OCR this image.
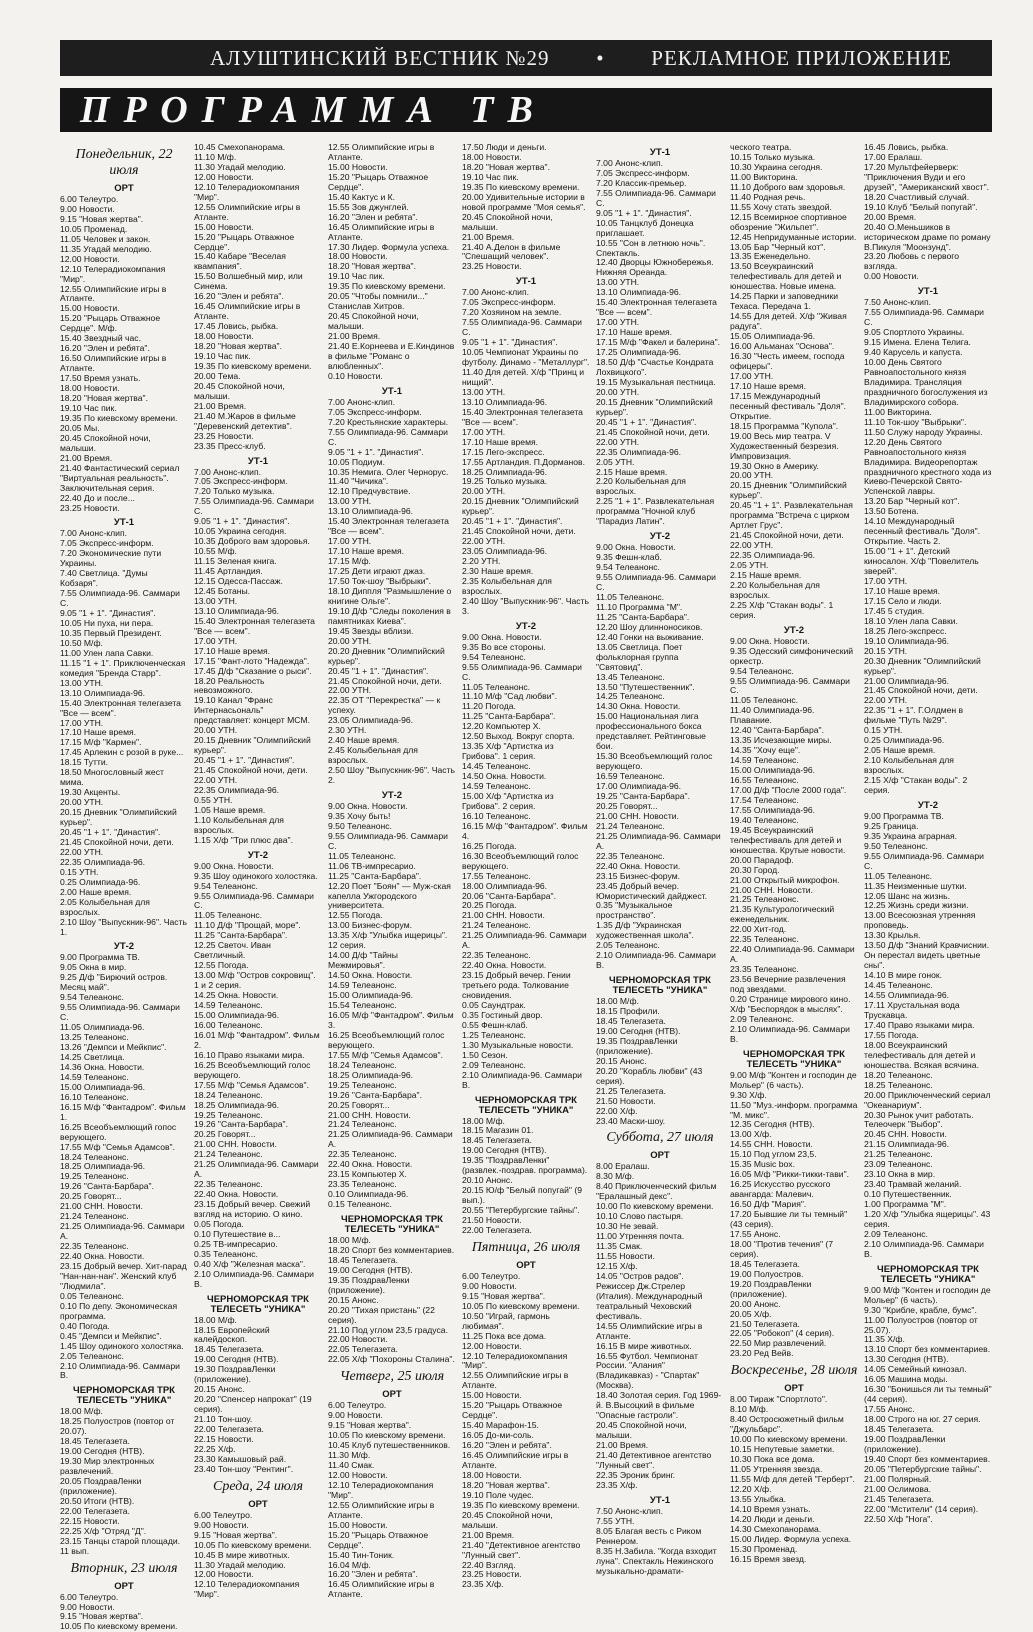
АЛУШТИНСКИЙ ВЕСТНИК №29 • РЕКЛАМНОЕ ПРИЛОЖЕНИЕ
ПРОГРАММА ТВ
Понедельник, 22 июля
ОРТ
6.00 Телеутро.
9.00 Новости.
9.15 "Новая жертва".
10.05 Променад.
11.05 Человек и закон.
11.35 Угадай мелодию.
12.00 Новости.
12.10 Телерадиокомпания "Мир".
12.55 Олимпийские игры в Атланте.
15.00 Новости.
15.20 "Рыцарь Отважное Сердце". М/ф.
15.40 Звездный час.
16.20 "Элен и ребята".
16.50 Олимпийские игры в Атланте.
17.50 Время узнать.
18.00 Новости.
18.20 "Новая жертва".
19.10 Час пик.
19.35 По киевскому времени.
20.05 Мы.
20.45 Спокойной ночи, малыши.
21.00 Время.
21.40 Фантастический сериал "Виртуальная реальность". Заключительная серия.
22.40 До и после...
23.25 Новости.
УТ-1
7.00 Анонс-клип.
7.05 Экспресс-информ.
7.20 Экономические пути Украины.
7.40 Светлица. "Думы Кобзаря".
7.55 Олимпиада-96. Саммари С.
9.05 "1 + 1". "Династия".
10.05 Ни пуха, ни пера.
10.35 Первый Президент.
10.50 М/ф.
11.00 Улен лапа Савки.
11.15 "1 + 1". Приключенческая комедия "Бренда Старр".
13.00 УТН.
13.10 Олимпиада-96.
15.40 Электронная телегазета "Все — всем".
17.00 УТН.
17.10 Наше время.
17.15 М/ф "Кармен".
17.45 Арлекин с розой в руке...
18.15 Тутти.
18.50 Многословный жест мима.
19.30 Акценты.
20.00 УТН.
20.15 Дневник "Олимпийский курьер".
20.45 "1 + 1". "Династия".
21.45 Спокойной ночи, дети.
22.00 УТН.
22.35 Олимпиада-96.
0.15 УТН.
0.25 Олимпиада-96.
2.00 Наше время.
2.05 Колыбельная для взрослых.
2.10 Шоу "Выпускник-96". Часть 1.
УТ-2
9.00 Программа ТВ.
9.05 Окна в мир.
9.25 Д/ф "Бирючий остров. Месяц май".
9.54 Телеанонс.
9.55 Олимпиада-96. Саммари С.
11.05 Олимпиада-96.
13.25 Телеанонс.
13.26 "Демпси и Мейкпис".
14.25 Светлица.
14.36 Окна. Новости.
14.59 Телеанонс.
15.00 Олимпиада-96.
16.10 Телеанонс.
16.15 М/ф "Фантадром". Фильм 1.
16.25 Всеобъемлющий гопос верующего.
17.55 М/ф "Семья Адамсов".
18.24 Телеанонс.
18.25 Олимпиада-96.
19.25 Телеанонс.
19.26 "Санта-Барбара".
20.25 Говорят...
21.00 СНН. Новости.
21.24 Телеанонс.
21.25 Олимпиада-96. Саммари А.
22.35 Телеанонс.
22.40 Окна. Новости.
23.15 Добрый вечер. Хит-парад "Нан-нан-нан". Женский клуб "Людмила".
0.05 Телеанонс.
0.10 По депу. Экономическая программа.
0.40 Погода.
0.45 "Демпси и Мейкпис".
1.45 Шоу одинокого холостяка.
2.05 Телеанонс.
2.10 Олимпиада-96. Саммари В.
ЧЕРНОМОРСКАЯ ТРК ТЕЛЕСЕТЬ "УНИКА"
18.00 М/ф.
18.25 Полуостров (повтор от 20.07).
18.45 Телегазета.
19.00 Сегодня (НТВ).
19.30 Мир электронных развлечений.
20.05 ПоздравЛенки (приложение).
20.50 Итоги (НТВ).
22.00 Телегазета.
22.15 Новости.
22.25 Х/ф "Отряд "Д".
23.15 Танцы старой площади. 11 вып.
Вторник, 23 июля
ОРТ
6.00 Телеутро.
9.00 Новости.
9.15 "Новая жертва".
10.05 По киевскому времени.
10.45 Смехопанорама.
11.10 М/ф.
11.30 Угадай мелодию.
12.00 Новости.
12.10 Телерадиокомпания "Мир".
12.55 Олимпийские игры в Атланте.
15.00 Новости.
15.20 "Рыцарь Отважное Сердце".
15.40 Кабаре "Веселая квампания".
15.50 Волшебный мир, или Синема.
16.20 "Элен и ребята".
16.45 Олимпийские игры в Атланте.
17.45 Ловись, рыбка.
18.00 Новости.
18.20 "Новая жертва".
19.10 Час пик.
19.35 По киевскому времени.
20.00 Тема.
20.45 Спокойной ночи, малыши.
21.00 Время.
21.40 М.Жаров в фильме "Деревенский детектив".
23.25 Новости.
23.35 Пресс-клуб.
УТ-1
7.00 Анонс-клип.
7.05 Экспресс-информ.
7.20 Только музыка.
7.55 Олимпиада-96. Саммари С.
9.05 "1 + 1". "Династия".
10.05 Украина сегодня.
10.35 Доброго вам здоровья.
10.55 М/ф.
11.15 Зеленая книга.
11.45 Артландия.
12.15 Одесса-Пассаж.
12.45 Ботаны.
13.00 УТН.
13.10 Олимпиада-96.
15.40 Электронная телегазета "Все — всем".
17.00 УТН.
17.10 Наше время.
17.15 "Фант-лото "Надежда".
17.45 Д/ф "Сказание о рыси".
18.20 Реальность невозможного.
19.10 Канал "Франс Интернасьональ" представляет: концерт MCM.
20.00 УТН.
20.15 Дневник "Олимпийский курьер".
20.45 "1 + 1". "Династия".
21.45 Спокойной ночи, дети.
22.00 УТН.
22.35 Олимпиада-96.
0.55 УТН.
1.05 Наше время.
1.10 Колыбельная для взрослых.
1.15 Х/ф "Три плюс два".
УТ-2
9.00 Окна. Новости.
9.35 Шоу одинокого холостяка.
9.54 Телеанонс.
9.55 Олимпиада-96. Саммари С.
11.05 Телеанонс.
11.10 Д/ф "Прощай, море".
11.25 "Санта-Барбара".
12.25 Светоч. Иван Светличный.
12.55 Погода.
13.00 М/ф "Остров сокровищ". 1 и 2 серия.
14.25 Окна. Новости.
14.59 Телеанонс.
15.00 Олимпиада-96.
16.00 Телеанонс.
16.01 М/ф "Фантадром". Фильм 2.
16.10 Право языками мира.
16.25 Всеобъемлющий голос верующего.
17.55 М/ф "Семья Адамсов".
18.24 Телеанонс.
18.25 Олимпиада-96.
19.25 Телеанонс.
19.26 "Санта-Барбара".
20.25 Говорят...
21.00 СНН. Новости.
21.24 Телеанонс.
21.25 Олимпиада-96. Саммари А.
22.35 Телеанонс.
22.40 Окна. Новости.
23.15 Добрый вечер. Свежий взгляд на историю. О кино.
0.05 Погода.
0.10 Путешествие в...
0.25 ТВ-импресарио.
0.35 Телеанонс.
0.40 Х/ф "Железная маска".
2.10 Олимпиада-96. Саммари В.
ЧЕРНОМОРСКАЯ ТРК ТЕЛЕСЕТЬ "УНИКА"
18.00 М/ф.
18.15 Европейский калейдоскоп.
18.45 Телегазета.
19.00 Сегодня (НТВ).
19.30 ПоздравЛенки (приложение).
20.15 Анонс.
20.20 "Спенсер напрокат" (19 серия).
21.10 Тон-шоу.
22.00 Телегазета.
22.15 Новости.
22.25 Х/ф.
23.30 Камышовый рай.
23.40 Тон-шоу "Рентинг".
Среда, 24 июля
ОРТ
6.00 Телеутро.
9.00 Новости.
9.15 "Новая жертва".
10.05 По киевскому времени.
10.45 В мире животных.
11.30 Угадай мелодию.
12.00 Новости.
12.10 Телерадиокомпания "Мир".
12.55 Олимпийские игры в Атланте.
15.00 Новости.
15.20 "Рыцарь Отважное Сердце".
15.40 Кактус и К.
15.55 Зов джунглей.
16.20 "Элен и ребята".
16.45 Олимпийские игры в Атланте.
17.30 Лидер. Формула успеха.
18.00 Новости.
18.20 "Новая жертва".
19.10 Час пик.
19.35 По киевскому времени.
20.05 "Чтобы помнили..." Станислав Хитров.
20.45 Спокойной ночи, малыши.
21.00 Время.
21.40 Е.Корнеева и Е.Киндинов в фильме "Романс о влюбленных".
0.10 Новости.
УТ-1
7.00 Анонс-клип.
7.05 Экспресс-информ.
7.20 Крестьянские характеры.
7.55 Олимпиада-96. Саммари С.
9.05 "1 + 1". "Династия".
10.05 Подиум.
10.35 Немига. Олег Чернорус.
11.40 "Чичика".
12.10 Предчувствие.
13.00 УТН.
13.10 Олимпиада-96.
15.40 Электронная телегазета "Все — всем".
17.00 УТН.
17.10 Наше время.
17.15 М/ф.
17.25 Дети играют джаз.
17.50 Ток-шоу "Выбрыки".
18.10 Диппля "Размышление о книгине Ольге".
19.10 Д/ф "Следы поколения в памятниках Киева".
19.45 Звезды вблизи.
20.00 УТН.
20.20 Дневник "Олимпийский курьер".
20.45 "1 + 1". "Династия".
21.45 Спокойной ночи, дети.
22.00 УТН.
22.35 ОТ "Перекрестка" — к успеху.
23.05 Олимпиада-96.
2.30 УТН.
2.40 Наше время.
2.45 Колыбельная для взрослых.
2.50 Шоу "Выпускник-96". Часть 2.
УТ-2
9.00 Окна. Новости.
9.35 Хочу быть!
9.50 Телеанонс.
9.55 Олимпиада-96. Саммари С.
11.05 Телеанонс.
11.06 ТВ-импресарио.
11.25 "Санта-Барбара".
12.20 Поет "Боян" — Муж-ская капелла Ужгородского университета.
12.55 Погода.
13.00 Бизнес-форум.
13.35 Х/ф "Улыбка ищерицы". 12 серия.
14.00 Д/ф "Тайны Межмировья".
14.50 Окна. Новости.
14.59 Телеанонс.
15.00 Олимпиада-96.
15.54 Телеанонс.
16.05 М/ф "Фантадром". Фильм 3.
16.25 Всеобъемлющий голос верующего.
17.55 М/ф "Семья Адамсов".
18.24 Телеанонс.
18.25 Олимпиада-96.
19.25 Телеанонс.
19.26 "Санта-Барбара".
20.25 Говорят...
21.00 СНН. Новости.
21.24 Телеанонс.
21.25 Олимпиада-96. Саммари А.
22.35 Телеанонс.
22.40 Окна. Новости.
23.15 Компьютер Х.
23.35 Телеанонс.
0.10 Олимпиада-96.
0.15 Телеанонс.
ЧЕРНОМОРСКАЯ ТРК ТЕЛЕСЕТЬ "УНИКА"
18.00 М/ф.
18.20 Спорт без комментариев.
18.45 Телегазета.
19.00 Сегодня (НТВ).
19.35 ПоздравЛенки (приложение).
20.15 Анонс.
20.20 "Тихая пристань" (22 серия).
21.10 Под углом 23,5 градуса.
22.00 Новости.
22.05 Телегазета.
22.05 Х/ф "Похороны Сталина".
Четверг, 25 июля
ОРТ
6.00 Телеутро.
9.00 Новости.
9.15 "Новая жертва".
10.05 По киевскому времени.
10.45 Клуб путешественников.
11.30 М/ф.
11.40 Смак.
12.00 Новости.
12.10 Телерадиокомпания "Мир".
12.55 Олимпийские игры в Атланте.
15.00 Новости.
15.20 "Рыцарь Отважное Сердце".
15.40 Тин-Тоник.
16.04 М/ф.
16.20 "Элен и ребята".
16.45 Олимпийские игры в Атланте.
17.50 Люди и деньги.
18.00 Новости.
18.20 "Новая жертва".
19.10 Час пик.
19.35 По киевскому времени.
20.00 Удивительные истории в новой программе "Моя семья".
20.45 Спокойной ночи, малыши.
21.00 Время.
21.40 А.Делон в фильме "Спешащий человек".
23.25 Новости.
УТ-1
7.00 Анонс-клип.
7.05 Экспресс-информ.
7.20 Хозяином на земле.
7.55 Олимпиада-96. Саммари С.
9.05 "1 + 1". "Династия".
10.05 Чемпионат Украины по футболу. Динамо - "Металлург".
11.40 Для детей. Х/ф "Принц и нищий".
13.00 УТН.
13.10 Олимпиада-96.
15.40 Электронная телегазета "Все — всем".
17.00 УТН.
17.10 Наше время.
17.15 Лего-экспресс.
17.55 Артландия. П.Дорманов.
18.25 Олимпиада-96.
19.25 Только музыка.
20.00 УТН.
20.15 Дневник "Олимпийский курьер".
20.45 "1 + 1". "Династия".
21.45 Спокойной ночи, дети.
22.00 УТН.
23.05 Олимпиада-96.
2.20 УТН.
2.30 Наше время.
2.35 Колыбельная для взрослых.
2.40 Шоу "Выпускник-96". Часть 3.
УТ-2
9.00 Окна. Новости.
9.35 Во все стороны.
9.54 Телеанонс.
9.55 Олимпиада-96. Саммари С.
11.05 Телеанонс.
11.10 М/ф "Сад любви".
11.20 Погода.
11.25 "Санта-Барбара".
12.20 Компьютер Х.
12.50 Выход. Вокруг спорта.
13.35 Х/ф "Артистка из Грибова". 1 серия.
14.45 Телеанонс.
14.50 Окна. Новости.
14.59 Телеанонс.
15.00 Х/ф "Артистка из Грибова". 2 серия.
16.10 Телеанонс.
16.15 М/ф "Фантадром". Фильм 4.
16.25 Погода.
16.30 Всеобъемлющий голос верующего.
17.55 Телеанонс.
18.00 Олимпиада-96.
20.06 "Санта-Барбара".
20.25 Погода.
21.00 СНН. Новости.
21.24 Телеанонс.
21.25 Олимпиада-96. Саммари А.
22.35 Телеанонс.
22.40 Окна. Новости.
23.15 Добрый вечер. Гении третьего рода. Толкование сновидения.
0.05 Саундтрак.
0.35 Гостиный двор.
0.55 Фешн-клаб.
1.25 Телеанонс.
1.30 Музыкальные новости.
1.50 Сезон.
2.09 Телеанонс.
2.10 Олимпиада-96. Саммари В.
ЧЕРНОМОРСКАЯ ТРК ТЕЛЕСЕТЬ "УНИКА"
18.00 М/ф.
18.15 Магазин 01.
18.45 Телегазета.
19.00 Сегодня (НТВ).
19.35 "ПоздравЛенки" (развлек.-поздрав. программа).
20.10 Анонс.
20.15 Ю/ф "Белый попугай" (9 вып.).
20.55 "Петербургские тайны".
21.50 Новости.
22.00 Телегазета.
Пятница, 26 июля
ОРТ
6.00 Телеутро.
9.00 Новости.
9.15 "Новая жертва".
10.05 По киевскому времени.
10.50 "Играй, гармонь любимая".
11.25 Пока все дома.
12.00 Новости.
12.10 Телерадиокомпания "Мир".
12.55 Олимпийские игры в Атланте.
15.00 Новости.
15.20 "Рыцарь Отважное Сердце".
15.40 Марафон-15.
16.05 До-ми-соль.
16.20 "Элен и ребята".
16.45 Олимпийские игры в Атланте.
18.00 Новости.
18.20 "Новая жертва".
19.10 Поле чудес.
19.35 По киевскому времени.
20.45 Спокойной ночи, малыши.
21.00 Время.
21.40 "Детективное агентство "Лунный свет".
22.40 Взгляд.
23.25 Новости.
23.35 Х/ф.
УТ-1
7.00 Анонс-клип.
7.05 Экспресс-информ.
7.20 Классик-премьер.
7.55 Олимпиада-96. Саммари С.
9.05 "1 + 1". "Династия".
10.05 Танцклуб Донецка приглашает.
10.55 "Сон в летнюю ночь". Спектакль.
12.40 Дворцы Южнобережья. Нижняя Ореанда.
13.00 УТН.
13.10 Олимпиада-96.
15.40 Электронная телегазета "Все — всем".
17.00 УТН.
17.10 Наше время.
17.15 М/ф "Факел и балерина".
17.25 Олимпиада-96.
18.50 Д/ф "Счастье Кондрата Лохвицкого".
19.15 Музыкальная пестница.
20.00 УТН.
20.15 Дневник "Олимпийский курьер".
20.45 "1 + 1". "Династия".
21.45 Спокойной ночи, дети.
22.00 УТН.
22.35 Олимпиада-96.
2.05 УТН.
2.15 Наше время.
2.20 Колыбельная для взрослых.
2.25 "1 + 1". Развлекательная программа "Ночной клуб "Парадиз Латин".
УТ-2
9.00 Окна. Новости.
9.35 Фешн-клаб.
9.54 Телеанонс.
9.55 Олимпиада-96. Саммари С.
11.05 Телеанонс.
11.10 Программа "М".
11.25 "Санта-Барбара".
12.20 Шоу длинноносиков.
12.40 Гонки на выживание.
13.05 Светлица. Поет фольклорная группа "Святовид".
13.45 Телеанонс.
13.50 "Путешественник".
14.25 Телеанонс.
14.30 Окна. Новости.
15.00 Национальная лига профессионального бокса представляет. Рейтинговые бои.
15.30 Всеобъемлющий голос верующего.
16.59 Телеанонс.
17.00 Олимпиада-96.
19.25 "Санта-Барбара".
20.25 Говорят...
21.00 СНН. Новости.
21.24 Телеанонс.
21.25 Олимпиада-96. Саммари А.
22.35 Телеанонс.
22.40 Окна. Новости.
23.15 Бизнес-форум.
23.45 Добрый вечер. Юмористический дайджест.
0.35 "Музыкальное пространство".
1.35 Д/ф "Украинская художественная школа".
2.05 Телеанонс.
2.10 Олимпиада-96. Саммари В.
ЧЕРНОМОРСКАЯ ТРК ТЕЛЕСЕТЬ "УНИКА"
18.00 М/ф.
18.15 Профили.
18.45 Телегазета.
19.00 Сегодня (НТВ).
19.35 ПоздравЛенки (приложение).
20.15 Анонс.
20.20 "Корабль любви" (43 серия).
21.25 Телегазета.
21.50 Новости.
22.00 Х/ф.
23.40 Маски-шоу.
Суббота, 27 июля
ОРТ
8.00 Ералаш.
8.30 М/ф.
8.40 Приключенческий фильм "Ералашный декс".
10.00 По киевскому времени.
10.10 Слово пастыря.
10.30 Не зевай.
11.00 Утренняя почта.
11.35 Смак.
11.55 Новости.
12.15 Х/ф.
14.05 "Остров радов". Режиссер Дж.Стрелер (Италия). Международный театральный Чеховский фестиваль.
14.55 Олимпийские игры в Атланте.
16.15 В мире животных.
16.55 Футбол. Чемпионат России. "Алания" (Владикавказ) - "Спартак" (Москва).
18.40 Золотая серия. Год 1969-й. В.Высоцкий в фильме "Опасные гастроли".
20.45 Спокойной ночи, малыши.
21.00 Время.
21.40 Детективное агентство "Лунный свет".
22.35 Эроник бринг.
23.35 Х/ф.
УТ-1
7.50 Анонс-клип.
7.55 УТН.
8.05 Благая весть с Риком Реннером.
8.35 Н.Забила. "Когда взходит луна". Спектакль Нежинского музыкально-драмати-
ческого театра.
10.15 Только музыка.
10.30 Украина сегодня.
11.00 Викторина.
11.10 Доброго вам здоровья.
11.40 Родная речь.
11.55 Хочу стать звездой.
12.15 Всемирное спортивное обозрение "Жильпет".
12.45 Непридуманные истории.
13.05 Бар "Черный кот".
13.35 Еженедельно.
13.50 Всеукраинский телефестиваль для детей и юношества. Новые имена.
14.25 Парки и заповедники Техаса. Передача 1.
14.55 Для детей. Х/ф "Живая радуга".
15.05 Олимпиада-96.
16.00 Альманах "Основа".
16.30 "Честь имеем, господа офицеры".
17.00 УТН.
17.10 Наше время.
17.15 Международный песенный фестиваль "Доля". Открытие.
18.15 Программа "Купола".
19.00 Весь мир театра. V Художественный безрезия. Импровизация.
19.30 Окно в Америку.
20.00 УТН.
20.15 Дневник "Олимпийский курьер".
20.45 "1 + 1". Развлекательная программа "Встреча с цирком Артлет Грус".
21.45 Спокойной ночи, дети.
22.00 УТН.
22.35 Олимпиада-96.
2.05 УТН.
2.15 Наше время.
2.20 Колыбельная для взрослых.
2.25 Х/ф "Стакан воды". 1 серия.
УТ-2
9.00 Окна. Новости.
9.35 Одесский симфонический оркестр.
9.54 Телеанонс.
9.55 Олимпиада-96. Саммари С.
11.05 Телеанонс.
11.40 Олимпиада-96. Плавание.
12.40 "Санта-Барбара".
13.35 Исчезающие миры.
14.35 "Хочу еще".
14.59 Телеанонс.
15.00 Олимпиада-96.
16.55 Телеанонс.
17.00 Д/ф "После 2000 года".
17.54 Телеанонс.
17.55 Олимпиада-96.
19.40 Телеанонс.
19.45 Всеукраинский телефестиваль для детей и юношества. Крутые новости.
20.00 Парадоф.
20.30 Город.
21.00 Открытый микрофон.
21.00 СНН. Новости.
21.25 Телеанонс.
21.35 Культурологический еженедельник.
22.00 Хит-год.
22.35 Телеанонс.
22.40 Олимпиада-96. Саммари А.
23.35 Телеанонс.
23.56 Вечерние развлечения под звездами.
0.20 Странице мирового кино. Х/ф "Беспорядок в мыслях".
2.09 Телеанонс.
2.10 Олимпиада-96. Саммари В.
ЧЕРНОМОРСКАЯ ТРК ТЕЛЕСЕТЬ "УНИКА"
9.00 М/ф "Контен и господин де Мольер" (6 часть).
9.30 Х/ф.
11.50 "Муз.-информ. программа "М. микс".
12.35 Сегодня (НТВ).
13.00 Х/ф.
14.55 СНН. Новости.
15.10 Под углом 23,5.
15.35 Music box.
16.05 М/ф "Рикки-тикки-тави".
16.25 Искусство русского авангарда: Малевич.
16.50 Д/ф "Мария".
17.20 Бывшие ли ты темный" (43 серия).
17.55 Анонс.
18.00 "Против течения" (7 серия).
18.45 Телегазета.
19.00 Полуостров.
19.20 ПоздравЛенки (приложение).
20.00 Анонс.
20.05 Х/ф.
21.50 Телегазета.
22.05 "Робокоп" (4 серия).
22.50 Мир развлечений.
23.20 Ред Вейв.
Воскресенье, 28 июля
ОРТ
8.00 Тираж "Спортлото".
8.10 М/ф.
8.40 Остросюжетный фильм "Джульбарс".
10.00 По киевскому времени.
10.15 Непутевые заметки.
10.30 Пока все дома.
11.05 Утренняя звезда.
11.55 М/ф для детей "Герберт".
12.20 Х/ф.
13.55 Улыбка.
14.10 Время узнать.
14.20 Люди и деньги.
14.30 Смехопанорама.
15.00 Лидер. Формула успеха.
15.30 Променад.
16.15 Время звезд.
16.45 Ловись, рыбка.
17.00 Ералаш.
17.20 Мультфейерверк: "Приключения Вуди и его друзей", "Американский хвост".
18.20 Счастливый случай.
19.10 Клуб "Белый попугай".
20.00 Время.
20.40 О.Меньшиков в историческом драме по роману В.Пикуля "Моонзунд".
23.20 Любовь с первого взгляда.
0.00 Новости.
УТ-1
7.50 Анонс-клип.
7.55 Олимпиада-96. Саммари С.
9.05 Спортлото Украины.
9.15 Имена. Елена Телига.
9.40 Карусель и капуста.
10.00 День Святого Равноапостольного князя Владимира. Трансляция праздничного богослужения из Владимирского собора.
11.00 Викторина.
11.10 Ток-шоу "Выбрыки".
11.50 Служу народу Украины.
12.20 День Святого Равноапостольного князя Владимира. Видеорепортаж праздничного крестного хода из Киево-Печерской Свято-Успенской лавры.
13.20 Бар "Черный кот".
13.50 Ботена.
14.10 Международный песенный фестиваль "Доля". Открытие. Часть 2.
15.00 "1 + 1". Детский киносалон. Х/ф "Повелитель зверей".
17.00 УТН.
17.10 Наше время.
17.15 Село и люди.
17.45 5 студия.
18.10 Улен лапа Савки.
18.25 Лего-экспресс.
19.10 Олимпиада-96.
20.15 УТН.
20.30 Дневник "Олимпийский курьер".
21.00 Олимпиада-96.
21.45 Спокойной ночи, дети.
22.00 УТН.
22.35 "1 + 1". Г.Олдмен в фильме "Путь №29".
0.15 УТН.
0.25 Олимпиада-96.
2.05 Наше время.
2.10 Колыбельная для взрослых.
2.15 Х/ф "Стакан воды". 2 серия.
УТ-2
9.00 Программа ТВ.
9.25 Граница.
9.35 Украина аграрная.
9.50 Телеанонс.
9.55 Олимпиада-96. Саммари С.
11.05 Телеанонс.
11.35 Неизменные шутки.
12.05 Шанс на жизнь.
12.25 Жизнь среди жизни.
13.00 Всесоюзная утренняя проповедь.
13.30 Крылья.
13.50 Д/ф "Знаний Кравчиснии. Он перестал видеть цветные сны".
14.10 В мире гонок.
14.45 Телеанонс.
14.55 Олимпиада-96.
17.11 Хрустальная вода Трускавца.
17.40 Право языками мира.
17.55 Погода.
18.00 Всеукраинский телефестиваль для детей и юношества. Всякая всячина.
18.20 Телеанонс.
18.25 Телеанонс.
20.00 Приключенческий сериал "Океанариум".
20.30 Рынок учит работать. Телеочерк "Выбор".
20.45 СНН. Новости.
21.15 Олимпиада-96.
21.25 Телеанонс.
23.09 Телеанонс.
23.10 Окна в мир.
23.40 Трамвай желаний.
0.10 Путешественник.
1.00 Программа "М".
1.20 Х/ф "Улыбка ящерицы". 43 серия.
2.09 Телеанонс.
2.10 Олимпиада-96. Саммари В.
ЧЕРНОМОРСКАЯ ТРК ТЕЛЕСЕТЬ "УНИКА"
9.00 М/ф "Контен и господин де Мольер" (6 часть).
9.30 "Крибле, крабле, бумс".
11.00 Полуостров (повтор от 25.07).
11.35 Х/ф.
13.10 Спорт без комментариев.
13.30 Сегодня (НТВ).
14.05 Семейный кинозал.
16.05 Машина моды.
16.30 "Бонишься ли ты темный" (44 серия).
17.55 Анонс.
18.00 Строго на юг. 27 серия.
18.45 Телегазета.
19.00 ПоздравЛенки (приложение).
19.40 Спорт без комментариев.
20.05 "Петербургские тайны".
21.00 Полярный.
21.00 Ослимова.
21.45 Телегазета.
22.00 "Мстители" (14 серия).
22.50 Х/ф "Нога".
